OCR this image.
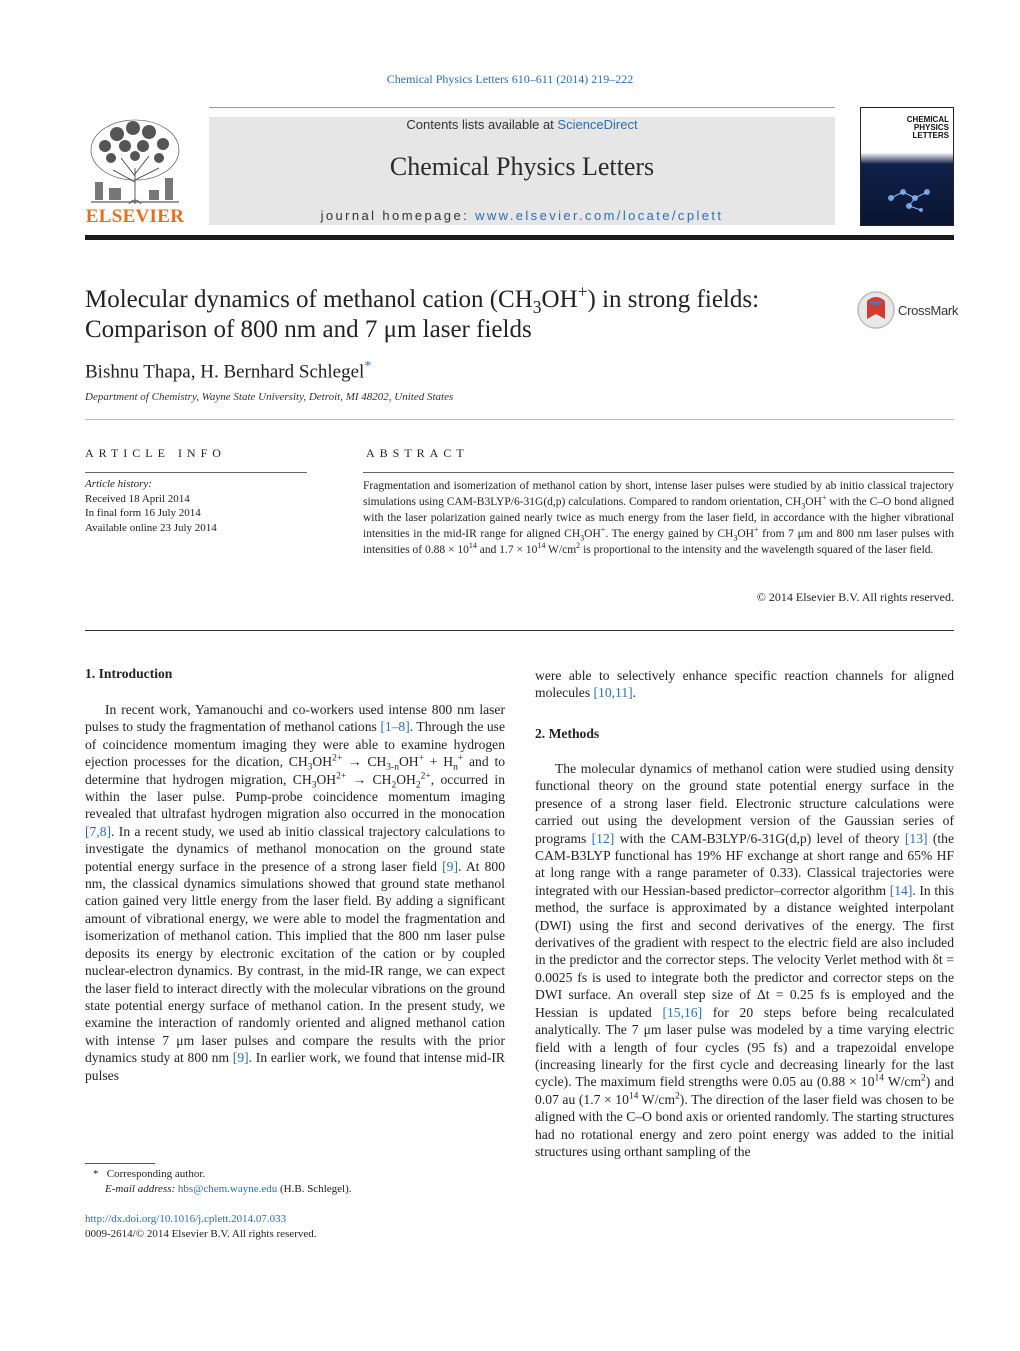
Chemical Physics Letters 610–611 (2014) 219–222
Contents lists available at ScienceDirect
Chemical Physics Letters
journal homepage: www.elsevier.com/locate/cplett
ELSEVIER
CHEMICAL PHYSICS LETTERS
Molecular dynamics of methanol cation $(CH_3OH^+)$ in strong fields:
Comparison of 800 nm and 7 μm laser fields
CrossMark
Bishnu Thapa, H. Bernhard Schlegel*
Department of Chemistry, Wayne State University, Detroit, MI 48202, United States
ARTICLE INFO	ABSTRACT
Article history:
Received 18 April 2014
In final form 16 July 2014
Available online 23 July 2014
Fragmentation and isomerization of methanol cation by short, intense laser pulses were studied by ab initio classical trajectory simulations using CAM-B3LYP/6-31G(d,p) calculations. Compared to random orientation, $CH_3OH^+$ with the C–O bond aligned with the laser polarization gained nearly twice as much energy from the laser field, in accordance with the higher vibrational intensities in the mid-IR range for aligned $CH_3OH^+$. The energy gained by $CH_3OH^+$ from 7 μm and 800 nm laser pulses with intensities of $0.88 \times 10^{14}$ and $1.7 \times 10^{14}$ $W/cm^2$ is proportional to the intensity and the wavelength squared of the laser field.
© 2014 Elsevier B.V. All rights reserved.
1. Introduction

In recent work, Yamanouchi and co-workers used intense 800 nm laser pulses to study the fragmentation of methanol cations [1–8]. Through the use of coincidence momentum imaging they were able to examine hydrogen ejection processes for the dication, $CH_3OH^{2+} \to CH_{3-n}OH^+ + H_n^+$ and to determine that hydrogen migration, $CH_3OH^{2+} \to CH_2OH_2^{2+}$, occurred in within the laser pulse. Pump-probe coincidence momentum imaging revealed that ultrafast hydrogen migration also occurred in the monocation [7,8]. In a recent study, we used ab initio classical trajectory calculations to investigate the dynamics of methanol monocation on the ground state potential energy surface in the presence of a strong laser field [9]. At 800 nm, the classical dynamics simulations showed that ground state methanol cation gained very little energy from the laser field. By adding a significant amount of vibrational energy, we were able to model the fragmentation and isomerization of methanol cation. This implied that the 800 nm laser pulse deposits its energy by electronic excitation of the cation or by coupled nuclear-electron dynamics. By contrast, in the mid-IR range, we can expect the laser field to interact directly with the molecular vibrations on the ground state potential energy surface of methanol cation. In the present study, we examine the interaction of randomly oriented and aligned methanol cation with intense 7 μm laser pulses and compare the results with the prior dynamics study at 800 nm [9]. In earlier work, we found that intense mid-IR pulses

were able to selectively enhance specific reaction channels for aligned molecules [10,11].

2. Methods

The molecular dynamics of methanol cation were studied using density functional theory on the ground state potential energy surface in the presence of a strong laser field. Electronic structure calculations were carried out using the development version of the Gaussian series of programs [12] with the CAM-B3LYP/6-31G(d,p) level of theory [13] (the CAM-B3LYP functional has 19% HF exchange at short range and 65% HF at long range with a range parameter of 0.33). Classical trajectories were integrated with our Hessian-based predictor–corrector algorithm [14]. In this method, the surface is approximated by a distance weighted interpolant (DWI) using the first and second derivatives of the energy. The first derivatives of the gradient with respect to the electric field are also included in the predictor and the corrector steps. The velocity Verlet method with δt = 0.0025 fs is used to integrate both the predictor and corrector steps on the DWI surface. An overall step size of Δt = 0.25 fs is employed and the Hessian is updated [15,16] for 20 steps before being recalculated analytically. The 7 μm laser pulse was modeled by a time varying electric field with a length of four cycles (95 fs) and a trapezoidal envelope (increasing linearly for the first cycle and decreasing linearly for the last cycle). The maximum field strengths were 0.05 au ($0.88 \times 10^{14}$ $W/cm^2$) and 0.07 au ($1.7 \times 10^{14}$ $W/cm^2$). The direction of the laser field was chosen to be aligned with the C–O bond axis or oriented randomly. The starting structures had no rotational energy and zero point energy was added to the initial structures using orthant sampling of the

* Corresponding author.
E-mail address: hbs@chem.wayne.edu (H.B. Schlegel).
http://dx.doi.org/10.1016/j.cplett.2014.07.033
0009-2614/© 2014 Elsevier B.V. All rights reserved.
